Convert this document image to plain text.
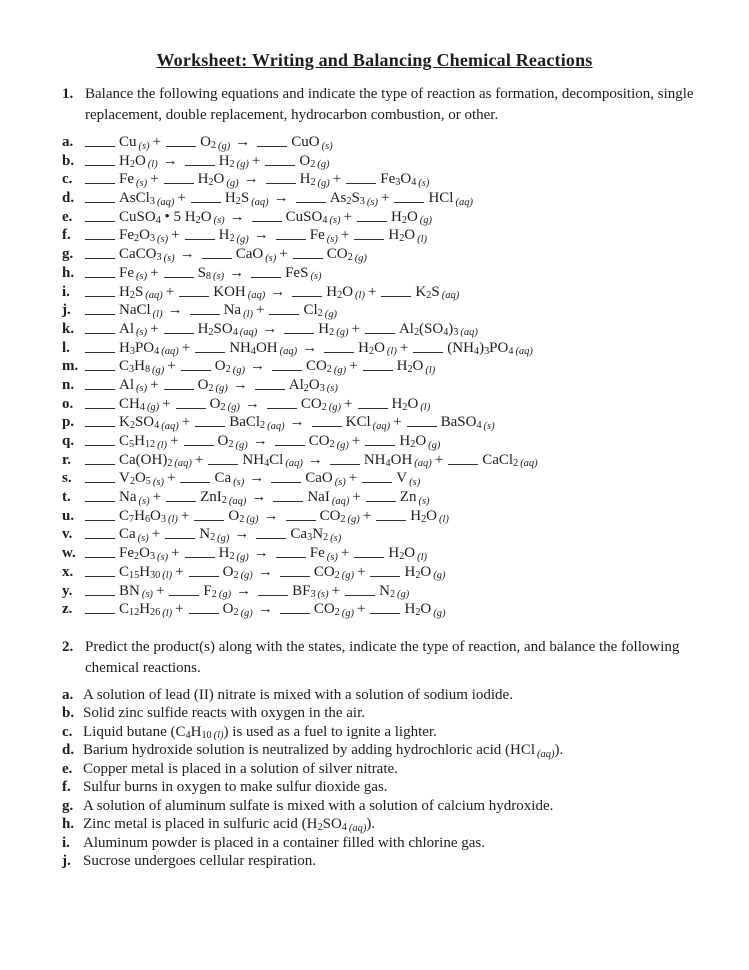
Worksheet: Writing and Balancing Chemical Reactions
1. Balance the following equations and indicate the type of reaction as formation, decomposition, single replacement, double replacement, hydrocarbon combustion, or other.

a.	Cu (s) +	$O_2$ (g) →	CuO (s)
b.	$H_2O$ (l) →	$H_2$ (g) +	$O_2$ (g)
c.	Fe (s) +	$H_2O$ (g) →	$H_2$ (g) +	$Fe_3O_4$ (s)
d.	AsCl$_3$ (aq) +	$H_2S$ (aq) →	$As_2S_3$ (s) +	HCl (aq)
e.	CuSO$_4$ • 5 $H_2O$ (s) →	CuSO$_4$ (s) +	$H_2O$ (g)
f.	$Fe_2O_3$ (s) +	$H_2$ (g) →	Fe (s) +	$H_2O$ (l)
g.	CaCO$_3$ (s) →	CaO (s) +	$CO_2$ (g)
h.	Fe (s) +	$S_8$ (s) →	FeS (s)
i.	$H_2S$ (aq) +	KOH (aq) →	$H_2O$ (l) +	$K_2S$ (aq)
j.	NaCl (l) →	Na (l) +	$Cl_2$ (g)
k.	Al (s) +	$H_2SO_4$ (aq) →	$H_2$ (g) +	$Al_2(SO_4)_3$ (aq)
l.	$H_3PO_4$ (aq) +	$NH_4OH$ (aq) →	$H_2O$ (l) +	$(NH_4)_3PO_4$ (aq)
m.	$C_3H_8$ (g) +	$O_2$ (g) →	$CO_2$ (g) +	$H_2O$ (l)
n.	Al (s) +	$O_2$ (g) →	$Al_2O_3$ (s)
o.	$CH_4$ (g) +	$O_2$ (g) →	$CO_2$ (g) +	$H_2O$ (l)
p.	$K_2SO_4$ (aq) +	BaCl$_2$ (aq) →	KCl (aq) +	BaSO$_4$ (s)
q.	$C_5H_{12}$ (l) +	$O_2$ (g) →	$CO_2$ (g) +	$H_2O$ (g)
r.	$Ca(OH)_2$ (aq) +	$NH_4Cl$ (aq) →	$NH_4OH$ (aq) +	CaCl$_2$ (aq)
s.	$V_2O_5$ (s) +	Ca (s) →	CaO (s) +	V (s)
t.	Na (s) +	ZnI$_2$ (aq) →	NaI (aq) +	Zn (s)
u.	$C_7H_6O_3$ (l) +	$O_2$ (g) →	$CO_2$ (g) +	$H_2O$ (l)
v.	Ca (s) +	$N_2$ (g) →	$Ca_3N_2$ (s)
w.	$Fe_2O_3$ (s) +	$H_2$ (g) →	Fe (s) +	$H_2O$ (l)
x.	$C_{15}H_{30}$ (l) +	$O_2$ (g) →	$CO_2$ (g) +	$H_2O$ (g)
y.	BN (s) +	$F_2$ (g) →	$BF_3$ (s) +	$N_2$ (g)
z.	$C_{12}H_{26}$ (l) +	$O_2$ (g) →	$CO_2$ (g) +	$H_2O$ (g)
2. Predict the product(s) along with the states, indicate the type of reaction, and balance the following chemical reactions.

a. A solution of lead (II) nitrate is mixed with a solution of sodium iodide.
b. Solid zinc sulfide reacts with oxygen in the air.
c. Liquid butane ($C_4H_{10}$ (l)) is used as a fuel to ignite a lighter.
d. Barium hydroxide solution is neutralized by adding hydrochloric acid (HCl (aq)).
e. Copper metal is placed in a solution of silver nitrate.
f. Sulfur burns in oxygen to make sulfur dioxide gas.
g. A solution of aluminum sulfate is mixed with a solution of calcium hydroxide.
h. Zinc metal is placed in sulfuric acid ($H_2SO_4$ (aq)).
i. Aluminum powder is placed in a container filled with chlorine gas.
j. Sucrose undergoes cellular respiration.
